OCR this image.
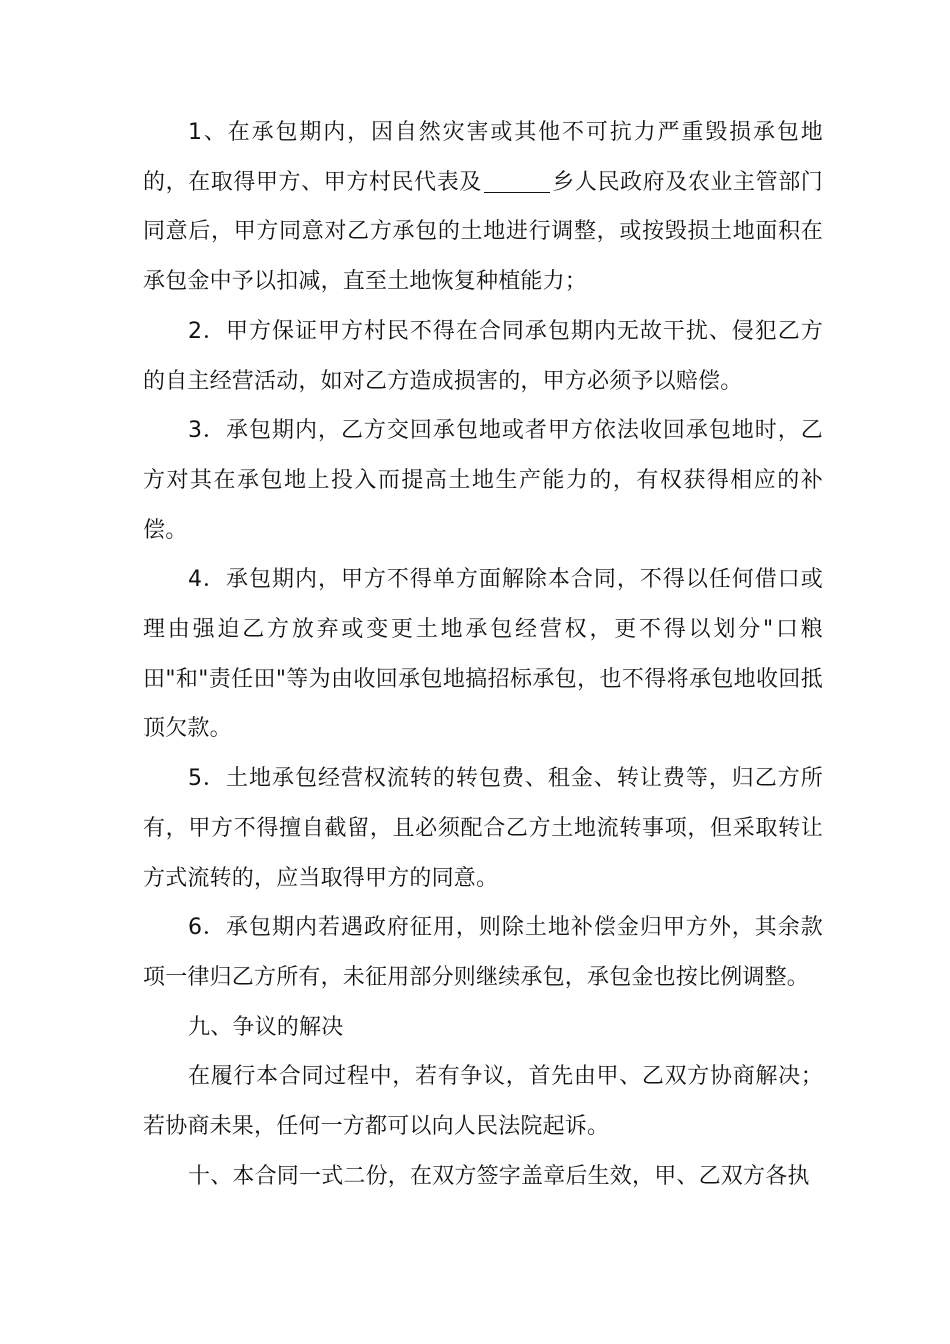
1、在承包期内，因自然灾害或其他不可抗力严重毁损承包地的，在取得甲方、甲方村民代表及	乡人民政府及农业主管部门同意后，甲方同意对乙方承包的土地进行调整，或按毁损土地面积在承包金中予以扣减，直至土地恢复种植能力；

2．甲方保证甲方村民不得在合同承包期内无故干扰、侵犯乙方的自主经营活动，如对乙方造成损害的，甲方必须予以赔偿。

3．承包期内，乙方交回承包地或者甲方依法收回承包地时，乙方对其在承包地上投入而提高土地生产能力的，有权获得相应的补偿。

4．承包期内，甲方不得单方面解除本合同，不得以任何借口或理由强迫乙方放弃或变更土地承包经营权，更不得以划分"口粮田"和"责任田"等为由收回承包地搞招标承包，也不得将承包地收回抵顶欠款。

5．土地承包经营权流转的转包费、租金、转让费等，归乙方所有，甲方不得擅自截留，且必须配合乙方土地流转事项，但采取转让方式流转的，应当取得甲方的同意。

6．承包期内若遇政府征用，则除土地补偿金归甲方外，其余款项一律归乙方所有，未征用部分则继续承包，承包金也按比例调整。

九、争议的解决

在履行本合同过程中，若有争议，首先由甲、乙双方协商解决；若协商未果，任何一方都可以向人民法院起诉。

十、本合同一式二份，在双方签字盖章后生效，甲、乙双方各执
